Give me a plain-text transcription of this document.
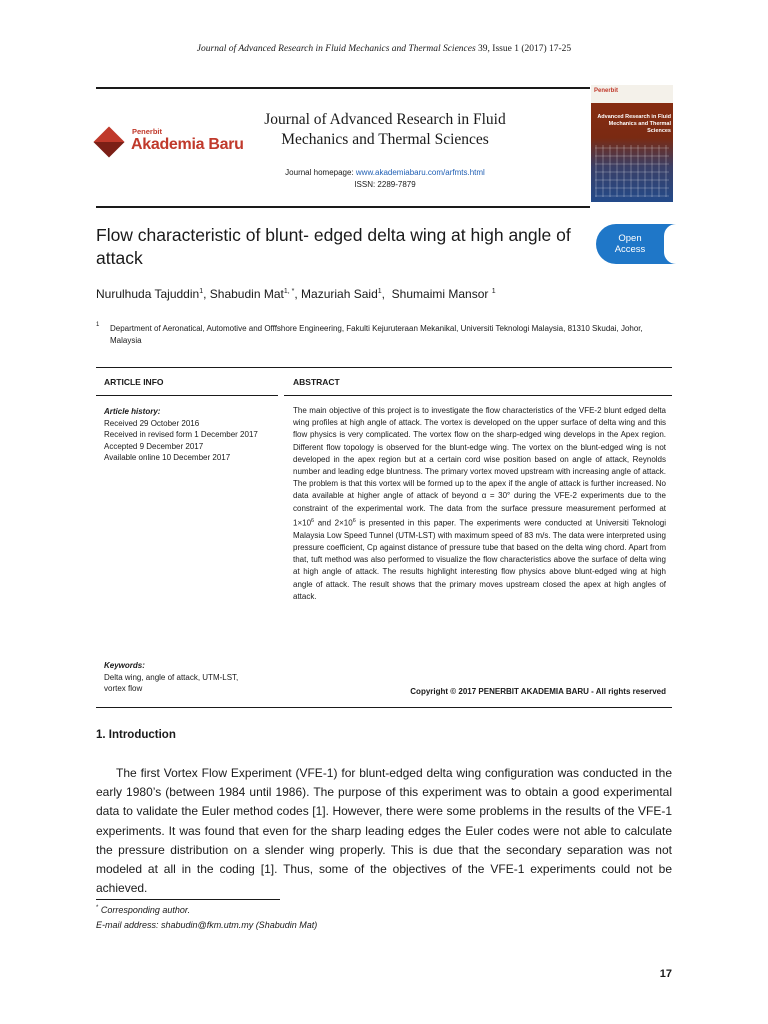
Journal of Advanced Research in Fluid Mechanics and Thermal Sciences 39, Issue 1 (2017) 17-25
Penerbit
Akademia Baru
Journal of Advanced Research in Fluid
Mechanics and Thermal Sciences
Journal homepage: www.akademiabaru.com/arfmts.html
ISSN: 2289-7879
Penerbit
Advanced Research in Fluid
Mechanics and Thermal
Sciences
Flow characteristic of blunt- edged delta wing at high angle of attack
Open
Access
Nurulhuda Tajuddin$^1$, Shabudin Mat$^{1, *}$, Mazuriah Said$^1$,  Shumaimi Mansor $^1$
1 Department of Aeronatical, Automotive and Offfshore Engineering, Fakulti Kejuruteraan Mekanikal, Universiti Teknologi Malaysia, 81310 Skudai, Johor, Malaysia
ARTICLE INFO	ABSTRACT
Article history:
Received 29 October 2016
Received in revised form 1 December 2017
Accepted 9 December 2017
Available online 10 December 2017
Keywords:
Delta wing, angle of attack, UTM-LST,
vortex flow
The main objective of this project is to investigate the flow characteristics of the VFE-2 blunt edged delta wing profiles at high angle of attack. The vortex is developed on the upper surface of delta wing and this flow physics is very complicated. The vortex flow on the sharp-edged wing develops in the Apex region. Different flow topology is observed for the blunt-edge wing. The vortex on the blunt-edged wing is not developed in the apex region but at a certain cord wise position based on angle of attack, Reynolds number and leading edge bluntness. The primary vortex moved upstream with increasing angle of attack. The problem is that this vortex will be formed up to the apex if the angle of attack is further increased. No data available at higher angle of attack of beyond α = 30° during the VFE-2 experiments due to the constraint of the experimental work. The data from the surface pressure measurement performed at $1\times 10^6$ and $2\times 10^6$ is presented in this paper. The experiments were conducted at Universiti Teknologi Malaysia Low Speed Tunnel (UTM-LST) with maximum speed of 83 m/s. The data were interpreted using pressure coefficient, Cp against distance of pressure tube that based on the delta wing chord. Apart from that, tuft method was also performed to visualize the flow characteristics above the surface of delta wing at high angle of attack. The results highlight interesting flow physics above blunt-edged wing at high angle of attack. The result shows that the primary moves upstream closed the apex at high angles of attack.
Copyright © 2017 PENERBIT AKADEMIA BARU - All rights reserved
1. Introduction
The first Vortex Flow Experiment (VFE-1) for blunt-edged delta wing configuration was conducted in the early 1980’s (between 1984 until 1986). The purpose of this experiment was to obtain a good experimental data to validate the Euler method codes [1]. However, there were some problems in the results of the VFE-1 experiments. It was found that even for the sharp leading edges the Euler codes were not able to calculate the pressure distribution on a slender wing properly. This is due that the secondary separation was not modeled at all in the coding [1]. Thus, some of the objectives of the VFE-1 experiments could not be achieved.
* Corresponding author.
E-mail address: shabudin@fkm.utm.my (Shabudin Mat)
17
